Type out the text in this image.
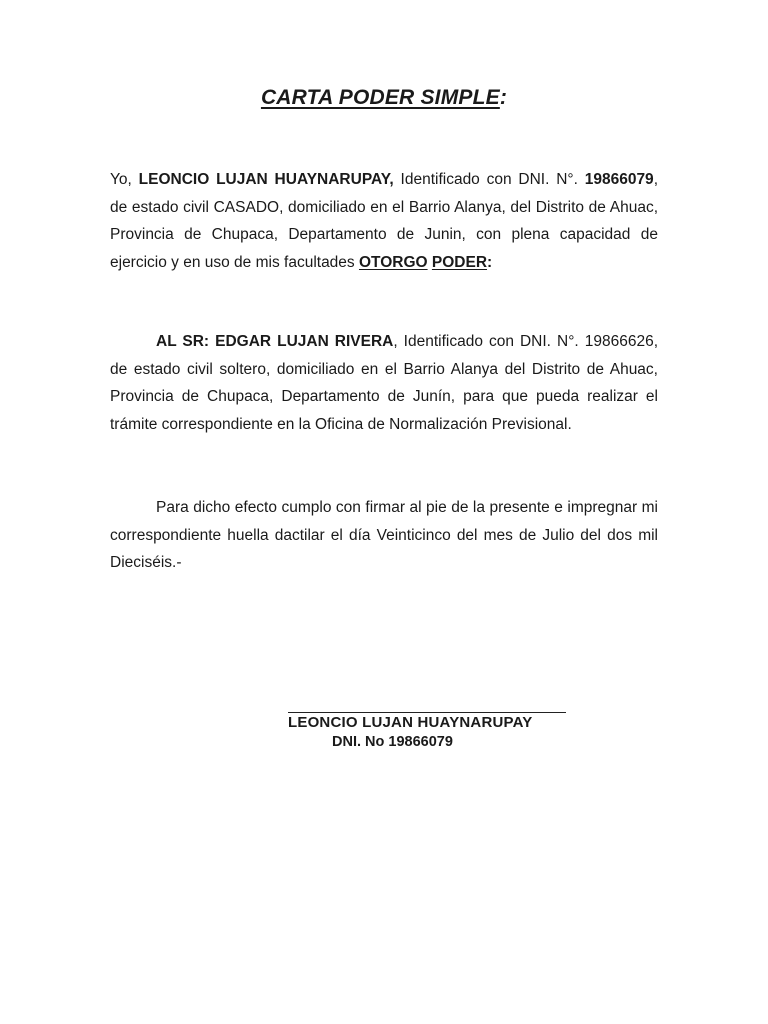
CARTA PODER SIMPLE:
Yo, LEONCIO LUJAN HUAYNARUPAY, Identificado con DNI. N°. 19866079, de estado civil CASADO, domiciliado en el Barrio Alanya, del Distrito de Ahuac, Provincia de Chupaca, Departamento de Junin, con plena capacidad de ejercicio y en uso de mis facultades OTORGO PODER:
AL SR: EDGAR LUJAN RIVERA, Identificado con DNI. N°. 19866626, de estado civil soltero, domiciliado en el Barrio Alanya del Distrito de Ahuac, Provincia de Chupaca, Departamento de Junín, para que pueda realizar el trámite correspondiente en la Oficina de Normalización Previsional.
Para dicho efecto cumplo con firmar al pie de la presente e impregnar mi correspondiente huella dactilar el día Veinticinco del mes de Julio del dos mil Dieciséis.-
LEONCIO LUJAN HUAYNARUPAY
DNI. No 19866079
